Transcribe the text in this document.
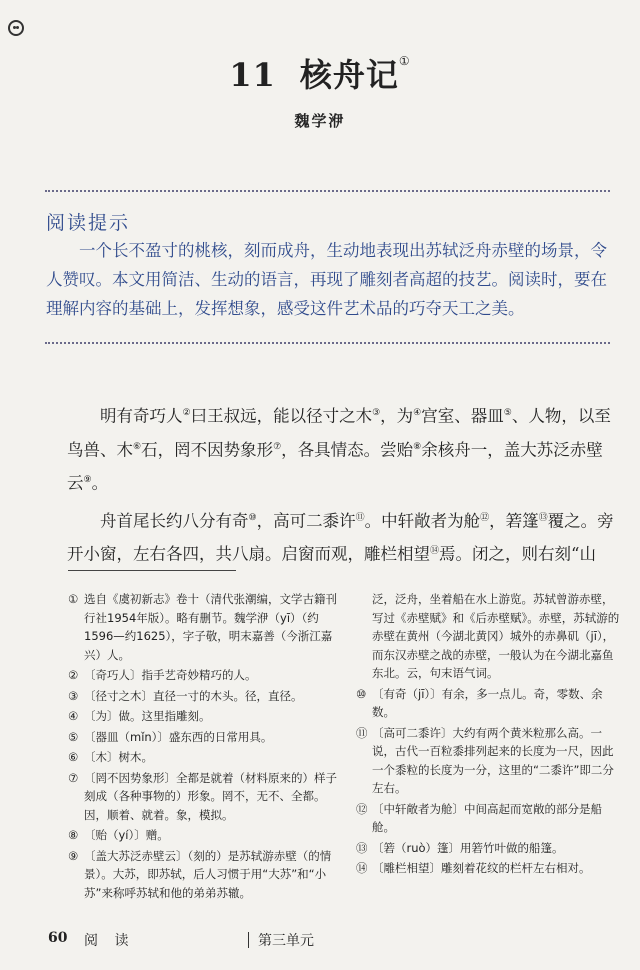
11 核舟记①
魏学洢
阅读提示
一个长不盈寸的桃核，刻而成舟，生动地表现出苏轼泛舟赤壁的场景，令人赞叹。本文用简洁、生动的语言，再现了雕刻者高超的技艺。阅读时，要在理解内容的基础上，发挥想象，感受这件艺术品的巧夺天工之美。

明有奇巧人②曰王叔远，能以径寸之木③，为④宫室、器皿⑤、人物，以至鸟兽、木⑥石，罔不因势象形⑦，各具情态。尝贻⑧余核舟一，盖大苏泛赤壁云⑨。

舟首尾长约八分有奇⑩，高可二黍许⑪。中轩敞者为舱⑫，箬篷⑬覆之。旁开小窗，左右各四，共八扇。启窗而观，雕栏相望⑭焉。闭之，则右刻“山

① 选自《虞初新志》卷十（清代张潮编，文学古籍刊行社1954年版）。略有删节。魏学洢（yī）（约1596—约1625），字子敬，明末嘉善（今浙江嘉兴）人。
② 〔奇巧人〕指手艺奇妙精巧的人。
③ 〔径寸之木〕直径一寸的木头。径，直径。
④ 〔为〕做。这里指雕刻。
⑤ 〔器皿（mǐn）〕盛东西的日常用具。
⑥ 〔木〕树木。
⑦ 〔罔不因势象形〕全都是就着（材料原来的）样子刻成（各种事物的）形象。罔不，无不、全都。因，顺着、就着。象，模拟。
⑧ 〔贻（yí）〕赠。
⑨ 〔盖大苏泛赤壁云〕（刻的）是苏轼游赤壁（的情景）。大苏，即苏轼，后人习惯于用“大苏”和“小苏”来称呼苏轼和他的弟弟苏辙。
泛，泛舟，坐着船在水上游览。苏轼曾游赤壁，写过《赤壁赋》和《后赤壁赋》。赤壁，苏轼游的赤壁在黄州（今湖北黄冈）城外的赤鼻矶（jī），而东汉赤壁之战的赤壁，一般认为在今湖北嘉鱼东北。云，句末语气词。
⑩ 〔有奇（jī）〕有余，多一点儿。奇，零数、余数。
⑪ 〔高可二黍许〕大约有两个黄米粒那么高。一说，古代一百粒黍排列起来的长度为一尺，因此一个黍粒的长度为一分，这里的“二黍许”即二分左右。
⑫ 〔中轩敞者为舱〕中间高起而宽敞的部分是船舱。
⑬ 〔箬（ruò）篷〕用箬竹叶做的船篷。
⑭ 〔雕栏相望〕雕刻着花纹的栏杆左右相对。
60 阅 读	第三单元
